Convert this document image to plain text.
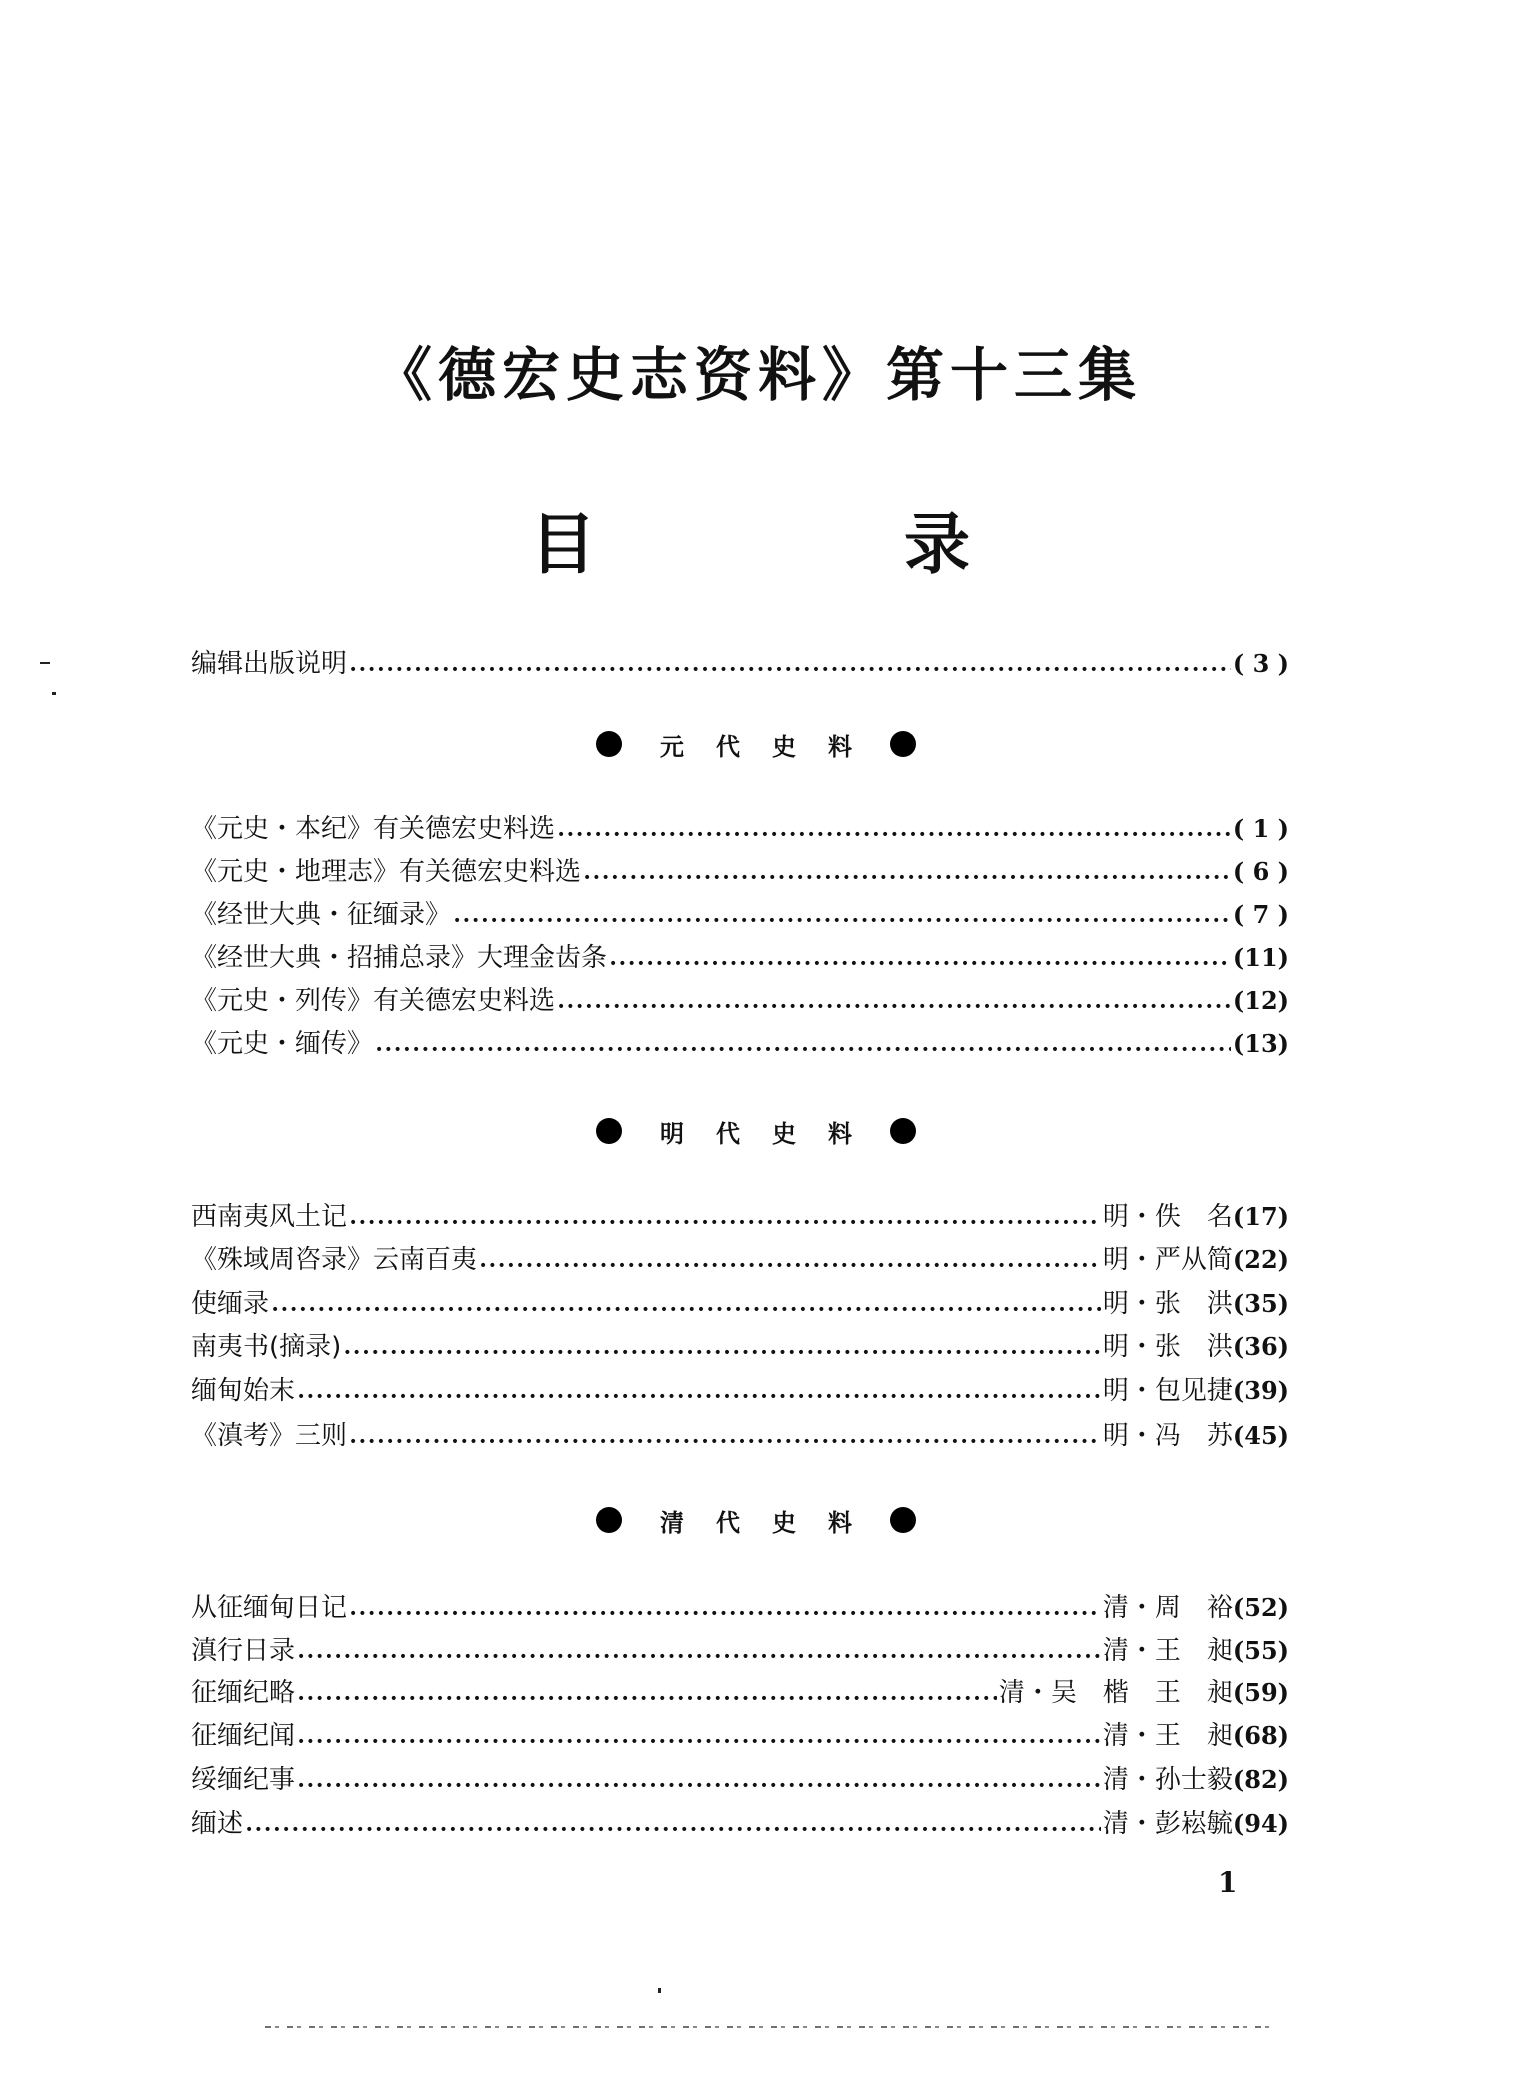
《德宏史志资料》第十三集
目	录
编辑出版说明 •••••	( 3 )
元 代 史 料
《元史・本纪》有关德宏史料选 •••••	( 1 )
《元史・地理志》有关德宏史料选 •••••	( 6 )
《经世大典・征缅录》 •••••	( 7 )
《经世大典・招捕总录》大理金齿条 •••••	(11)
《元史・列传》有关德宏史料选 •••••	(12)
《元史・缅传》 •••••	(13)
明 代 史 料
西南夷风土记 •••••	明・佚　名 (17)
《殊域周咨录》云南百夷 •••••	明・严从简 (22)
使缅录 •••••	明・张　洪 (35)
南夷书(摘录) •••••	明・张　洪 (36)
缅甸始末 •••••	明・包见捷 (39)
《滇考》三则 •••••	明・冯　苏 (45)
清 代 史 料
从征缅甸日记 •••••	清・周　裕 (52)
滇行日录 •••••	清・王　昶 (55)
征缅纪略 •••••	清・吴　楷　王　昶 (59)
征缅纪闻 •••••	清・王　昶 (68)
绥缅纪事 •••••	清・孙士毅 (82)
缅述 •••••	清・彭崧毓 (94)
1
